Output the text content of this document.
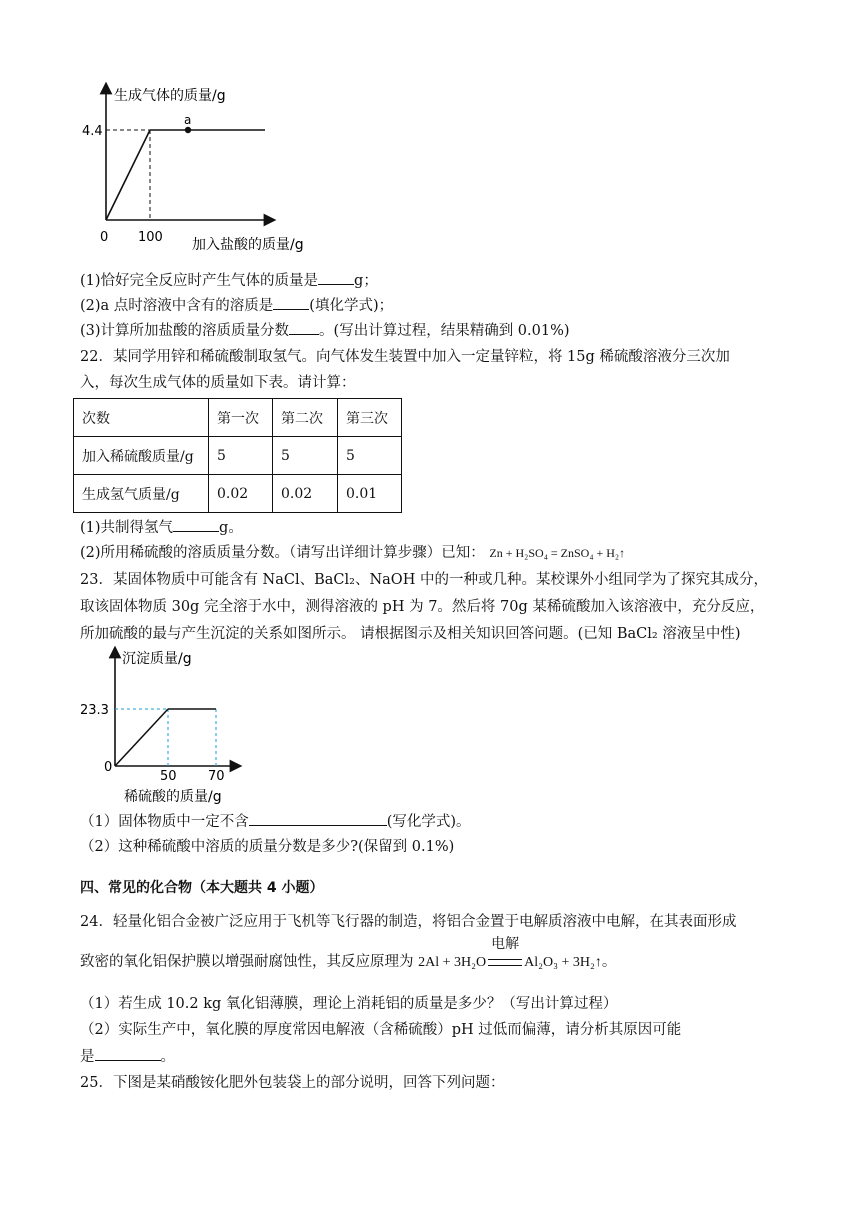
a
生成气体的质量/g
4.4
0 100 加入盐酸的质量/g
(1)恰好完全反应时产生气体的质量是 g；
(2)a 点时溶液中含有的溶质是 (填化学式)；
(3)计算所加盐酸的溶质质量分数 。(写出计算过程，结果精确到 0.01%)
22．某同学用锌和稀硫酸制取氢气。向气体发生装置中加入一定量锌粒，将 15g 稀硫酸溶液分三次加
入，每次生成气体的质量如下表。请计算：
次数	第一次	第二次	第三次
加入稀硫酸质量/g	5	5	5
生成氢气质量/g	0.02	0.02	0.01
(1)共制得氢气	g。
(2)所用稀硫酸的溶质质量分数。（请写出详细计算步骤）已知： Zn + H₂SO₄ = ZnSO₄ + H₂↑
23．某固体物质中可能含有 NaCl、BaCl₂、NaOH 中的一种或几种。某校课外小组同学为了探究其成分，
取该固体物质 30g 完全溶于水中，测得溶液的 pH 为 7。然后将 70g 某稀硫酸加入该溶液中，充分反应，
所加硫酸的最与产生沉淀的关系如图所示。 请根据图示及相关知识回答问题。(已知 BaCl₂ 溶液呈中性)
沉淀质量/g
23.3
0
50 70
稀硫酸的质量/g
（1）固体物质中一定不含	(写化学式)。
（2）这种稀硫酸中溶质的质量分数是多少?(保留到 0.1%)
四、常见的化合物（本大题共 4 小题）
24．轻量化铝合金被广泛应用于飞机等飞行器的制造，将铝合金置于电解质溶液中电解，在其表面形成
致密的氧化铝保护膜以增强耐腐蚀性，其反应原理为 2Al + 3H₂O
电解
Al₂O₃ + 3H₂↑。
（1）若生成 10.2 kg 氧化铝薄膜，理论上消耗铝的质量是多少？（写出计算过程）
（2）实际生产中，氧化膜的厚度常因电解液（含稀硫酸）pH 过低而偏薄，请分析其原因可能
是	。
25．下图是某硝酸铵化肥外包装袋上的部分说明，回答下列问题：
